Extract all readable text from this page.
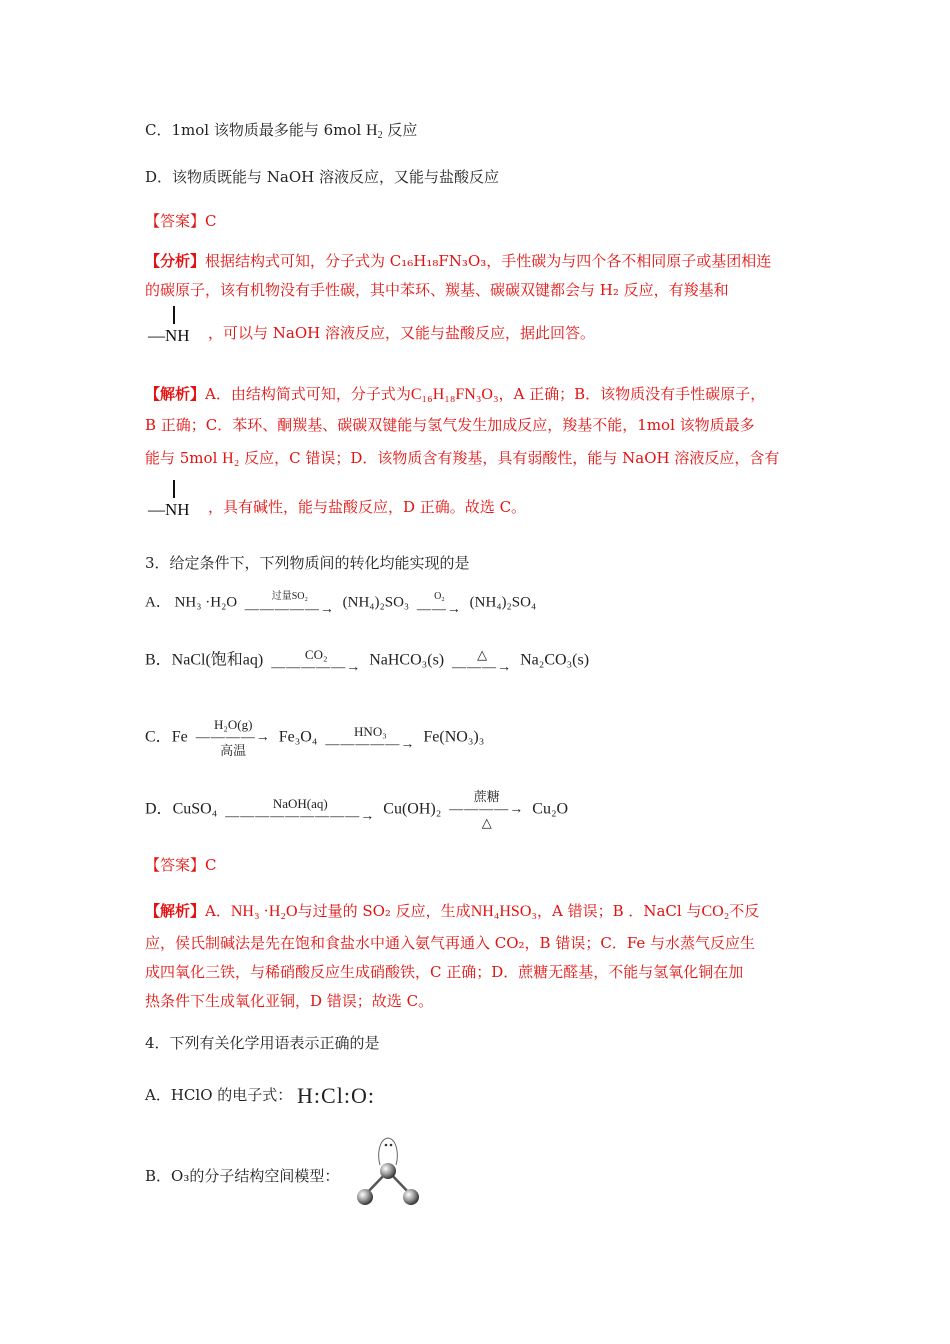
C．1mol 该物质最多能与 6mol $H_2$ 反应
D．该物质既能与 NaOH 溶液反应，又能与盐酸反应
【答案】C
【分析】根据结构式可知，分子式为 C₁₆H₁₈FN₃O₃，手性碳为与四个各不相同原子或基团相连
的碳原子，该有机物没有手性碳，其中苯环、羰基、碳碳双键都会与 H₂ 反应，有羧基和
—NH ，可以与 NaOH 溶液反应，又能与盐酸反应，据此回答。
【解析】A．由结构简式可知，分子式为C₁₆H₁₈FN₃O₃，A 正确；B．该物质没有手性碳原子，
B 正确；C．苯环、酮羰基、碳碳双键能与氢气发生加成反应，羧基不能，1mol 该物质最多
能与 5mol H₂ 反应，C 错误；D．该物质含有羧基，具有弱酸性，能与 NaOH 溶液反应，含有
—NH ，具有碱性，能与盐酸反应，D 正确。故选 C。
3．给定条件下，下列物质间的转化均能实现的是
A． NH₃ ·H₂O	过量SO₂
—————→ (NH₄)₂SO₃	O₂
——→ (NH₄)₂SO₄
B．NaCl(饱和aq)	CO₂
—————→ NaHCO₃(s)	△
———→ Na₂CO₃(s)
C．Fe
H₂O(g)
————→
高温
Fe₃O₄	HNO₃
—————→ Fe(NO₃)₃
D．CuSO₄	NaOH(aq)
—————————→ Cu(OH)₂
蔗糖
————→
△
Cu₂O
【答案】C
【解析】A．NH₃ ·H₂O与过量的 SO₂ 反应，生成NH₄HSO₃，A 错误；B ．NaCl 与CO₂不反
应，侯氏制碱法是先在饱和食盐水中通入氨气再通入 CO₂，B 错误；C．Fe 与水蒸气反应生
成四氧化三铁，与稀硝酸反应生成硝酸铁，C 正确；D．蔗糖无醛基，不能与氢氧化铜在加
热条件下生成氧化亚铜，D 错误；故选 C。
4．下列有关化学用语表示正确的是
A．HClO 的电子式： H:Cl:O:
B．O₃的分子结构空间模型：
